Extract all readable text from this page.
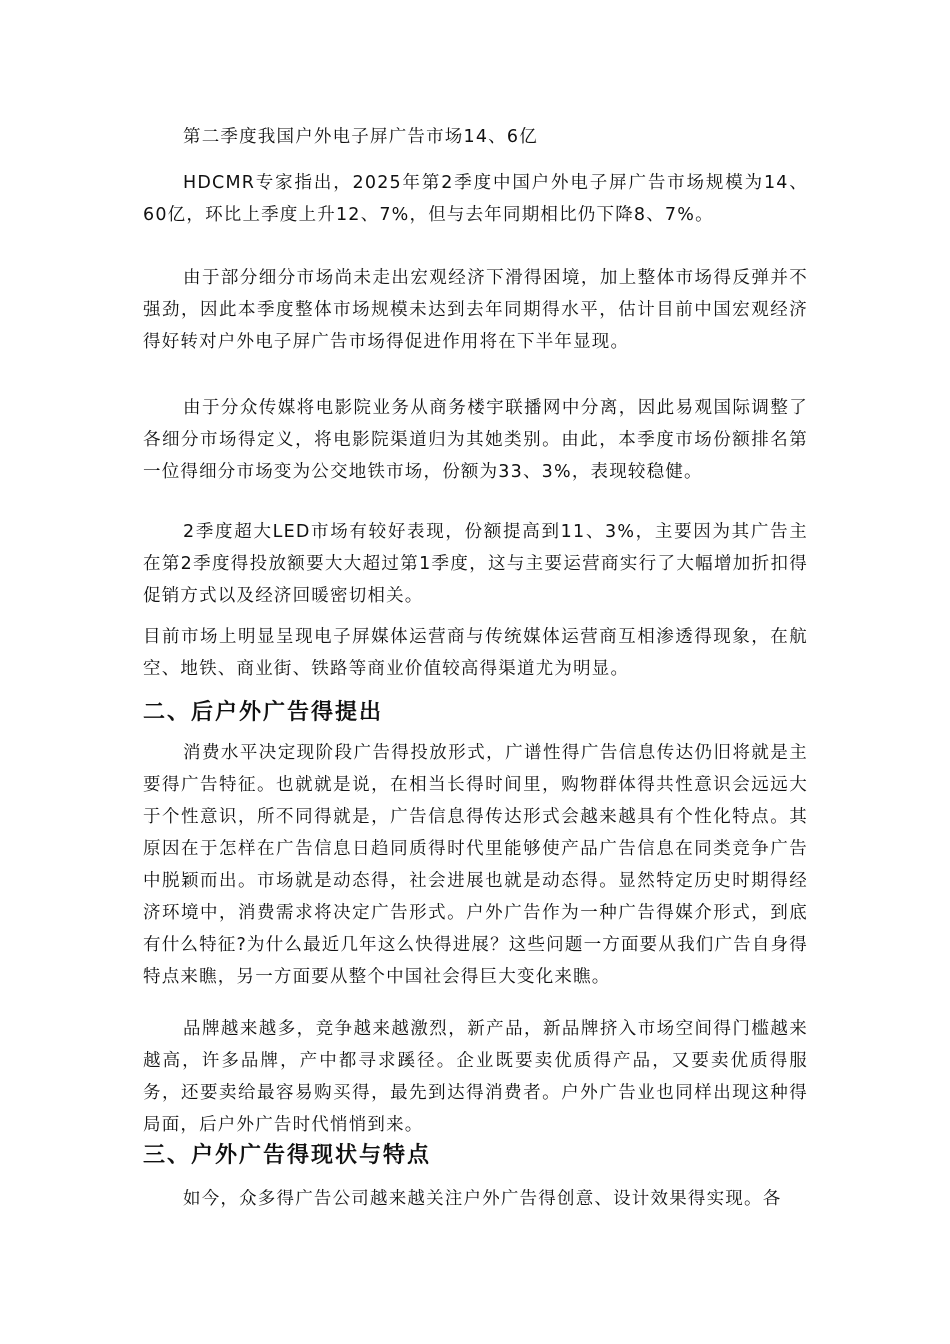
第二季度我国户外电子屏广告市场14、6亿

HDCMR专家指出，2025年第2季度中国户外电子屏广告市场规模为14、60亿，环比上季度上升12、7%，但与去年同期相比仍下降8、7%。

由于部分细分市场尚未走出宏观经济下滑得困境，加上整体市场得反弹并不强劲，因此本季度整体市场规模未达到去年同期得水平，估计目前中国宏观经济得好转对户外电子屏广告市场得促进作用将在下半年显现。

由于分众传媒将电影院业务从商务楼宇联播网中分离，因此易观国际调整了各细分市场得定义，将电影院渠道归为其她类别。由此，本季度市场份额排名第一位得细分市场变为公交地铁市场，份额为33、3%，表现较稳健。

2季度超大LED市场有较好表现，份额提高到11、3%，主要因为其广告主在第2季度得投放额要大大超过第1季度，这与主要运营商实行了大幅增加折扣得促销方式以及经济回暖密切相关。

目前市场上明显呈现电子屏媒体运营商与传统媒体运营商互相渗透得现象，在航空、地铁、商业街、铁路等商业价值较高得渠道尤为明显。

二、后户外广告得提出

消费水平决定现阶段广告得投放形式，广谱性得广告信息传达仍旧将就是主要得广告特征。也就就是说，在相当长得时间里，购物群体得共性意识会远远大于个性意识，所不同得就是，广告信息得传达形式会越来越具有个性化特点。其原因在于怎样在广告信息日趋同质得时代里能够使产品广告信息在同类竞争广告中脱颖而出。市场就是动态得，社会进展也就是动态得。显然特定历史时期得经济环境中，消费需求将决定广告形式。户外广告作为一种广告得媒介形式，到底有什么特征?为什么最近几年这么快得进展？这些问题一方面要从我们广告自身得特点来瞧，另一方面要从整个中国社会得巨大变化来瞧。

品牌越来越多，竞争越来越激烈，新产品，新品牌挤入市场空间得门槛越来越高，许多品牌，产中都寻求蹊径。企业既要卖优质得产品，又要卖优质得服务，还要卖给最容易购买得，最先到达得消费者。户外广告业也同样出现这种得局面，后户外广告时代悄悄到来。

三、户外广告得现状与特点

如今，众多得广告公司越来越关注户外广告得创意、设计效果得实现。各
